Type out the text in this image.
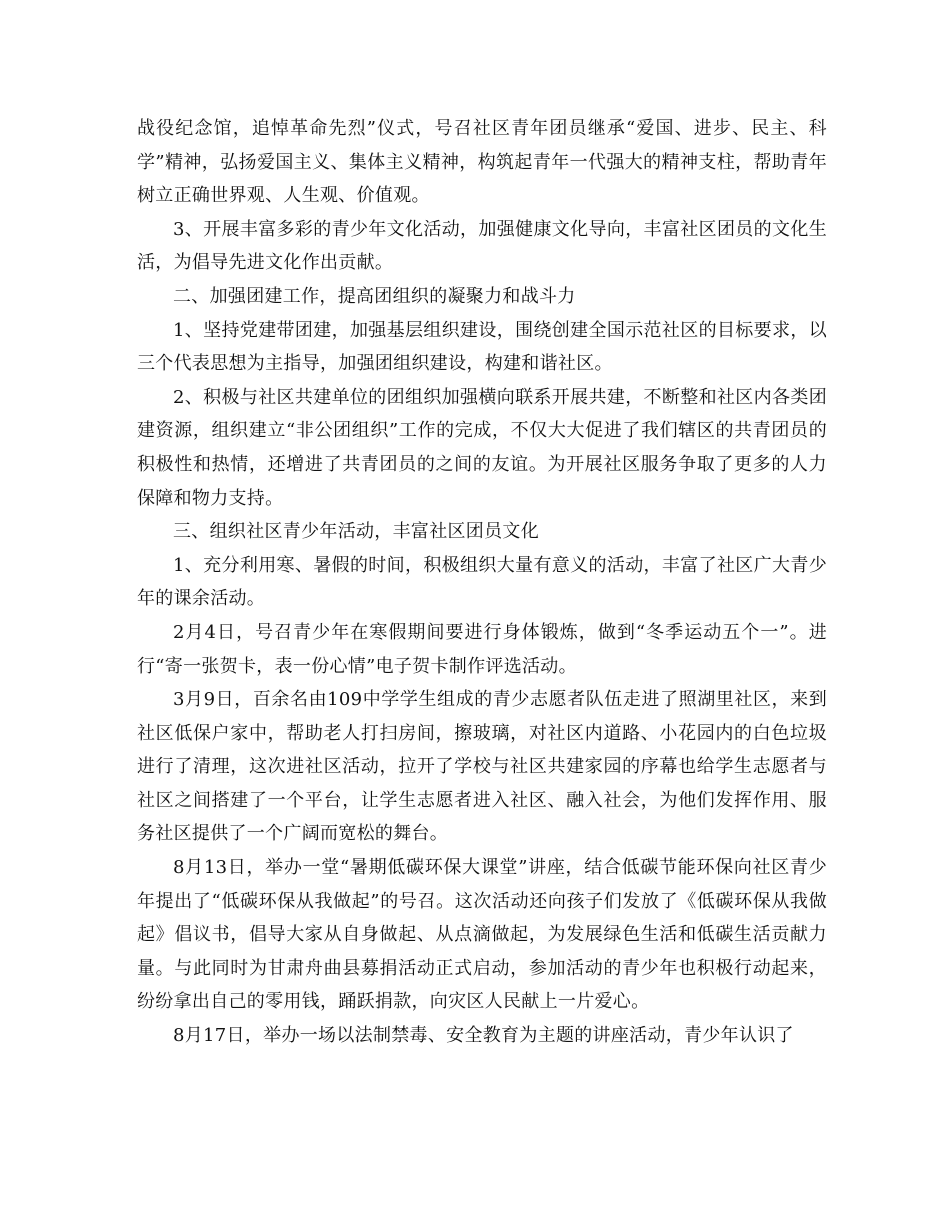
战役纪念馆，追悼革命先烈”仪式，号召社区青年团员继承“爱国、进步、民主、科学”精神，弘扬爱国主义、集体主义精神，构筑起青年一代强大的精神支柱，帮助青年树立正确世界观、人生观、价值观。

3、开展丰富多彩的青少年文化活动，加强健康文化导向，丰富社区团员的文化生活，为倡导先进文化作出贡献。

二、加强团建工作，提高团组织的凝聚力和战斗力

1、坚持党建带团建，加强基层组织建设，围绕创建全国示范社区的目标要求，以三个代表思想为主指导，加强团组织建设，构建和谐社区。

2、积极与社区共建单位的团组织加强横向联系开展共建，不断整和社区内各类团建资源，组织建立“非公团组织”工作的完成，不仅大大促进了我们辖区的共青团员的积极性和热情，还增进了共青团员的之间的友谊。为开展社区服务争取了更多的人力保障和物力支持。

三、组织社区青少年活动，丰富社区团员文化

1、充分利用寒、暑假的时间，积极组织大量有意义的活动，丰富了社区广大青少年的课余活动。

2月4日，号召青少年在寒假期间要进行身体锻炼，做到“冬季运动五个一”。进行“寄一张贺卡，表一份心情”电子贺卡制作评选活动。

3月9日，百余名由109中学学生组成的青少志愿者队伍走进了照湖里社区，来到社区低保户家中，帮助老人打扫房间，擦玻璃，对社区内道路、小花园内的白色垃圾进行了清理，这次进社区活动，拉开了学校与社区共建家园的序幕也给学生志愿者与社区之间搭建了一个平台，让学生志愿者进入社区、融入社会，为他们发挥作用、服务社区提供了一个广阔而宽松的舞台。

8月13日，举办一堂“暑期低碳环保大课堂”讲座，结合低碳节能环保向社区青少年提出了“低碳环保从我做起”的号召。这次活动还向孩子们发放了《低碳环保从我做起》倡议书，倡导大家从自身做起、从点滴做起，为发展绿色生活和低碳生活贡献力量。与此同时为甘肃舟曲县募捐活动正式启动，参加活动的青少年也积极行动起来，纷纷拿出自己的零用钱，踊跃捐款，向灾区人民献上一片爱心。

8月17日，举办一场以法制禁毒、安全教育为主题的讲座活动，青少年认识了
